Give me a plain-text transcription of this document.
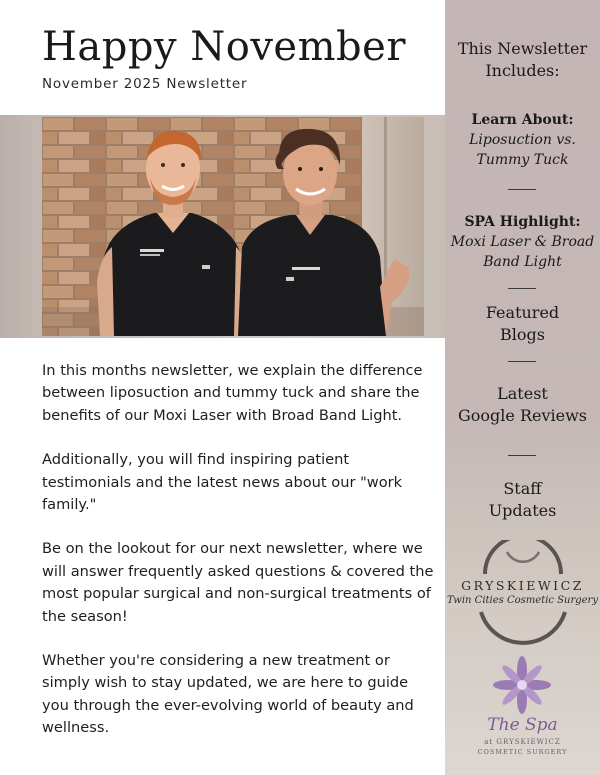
Happy November
November 2025 Newsletter

In this months newsletter, we explain the difference between liposuction and tummy tuck and share the benefits of our Moxi Laser with Broad Band Light.

Additionally, you will find inspiring patient testimonials and the latest news about our "work family."

Be on the lookout for our next newsletter, where we will answer frequently asked questions & covered the most popular surgical and non-surgical treatments of the season!

Whether you're considering a new treatment or simply wish to stay updated, we are here to guide you through the ever-evolving world of beauty and wellness.

This Newsletter
Includes:
Learn About:
Liposuction vs.
Tummy Tuck
SPA Highlight:
Moxi Laser & Broad
Band Light
Featured
Blogs
Latest
Google Reviews
Staff
Updates
GRYSKIEWICZ
Twin Cities Cosmetic Surgery
The Spa
at GRYSKIEWICZ
COSMETIC SURGERY
